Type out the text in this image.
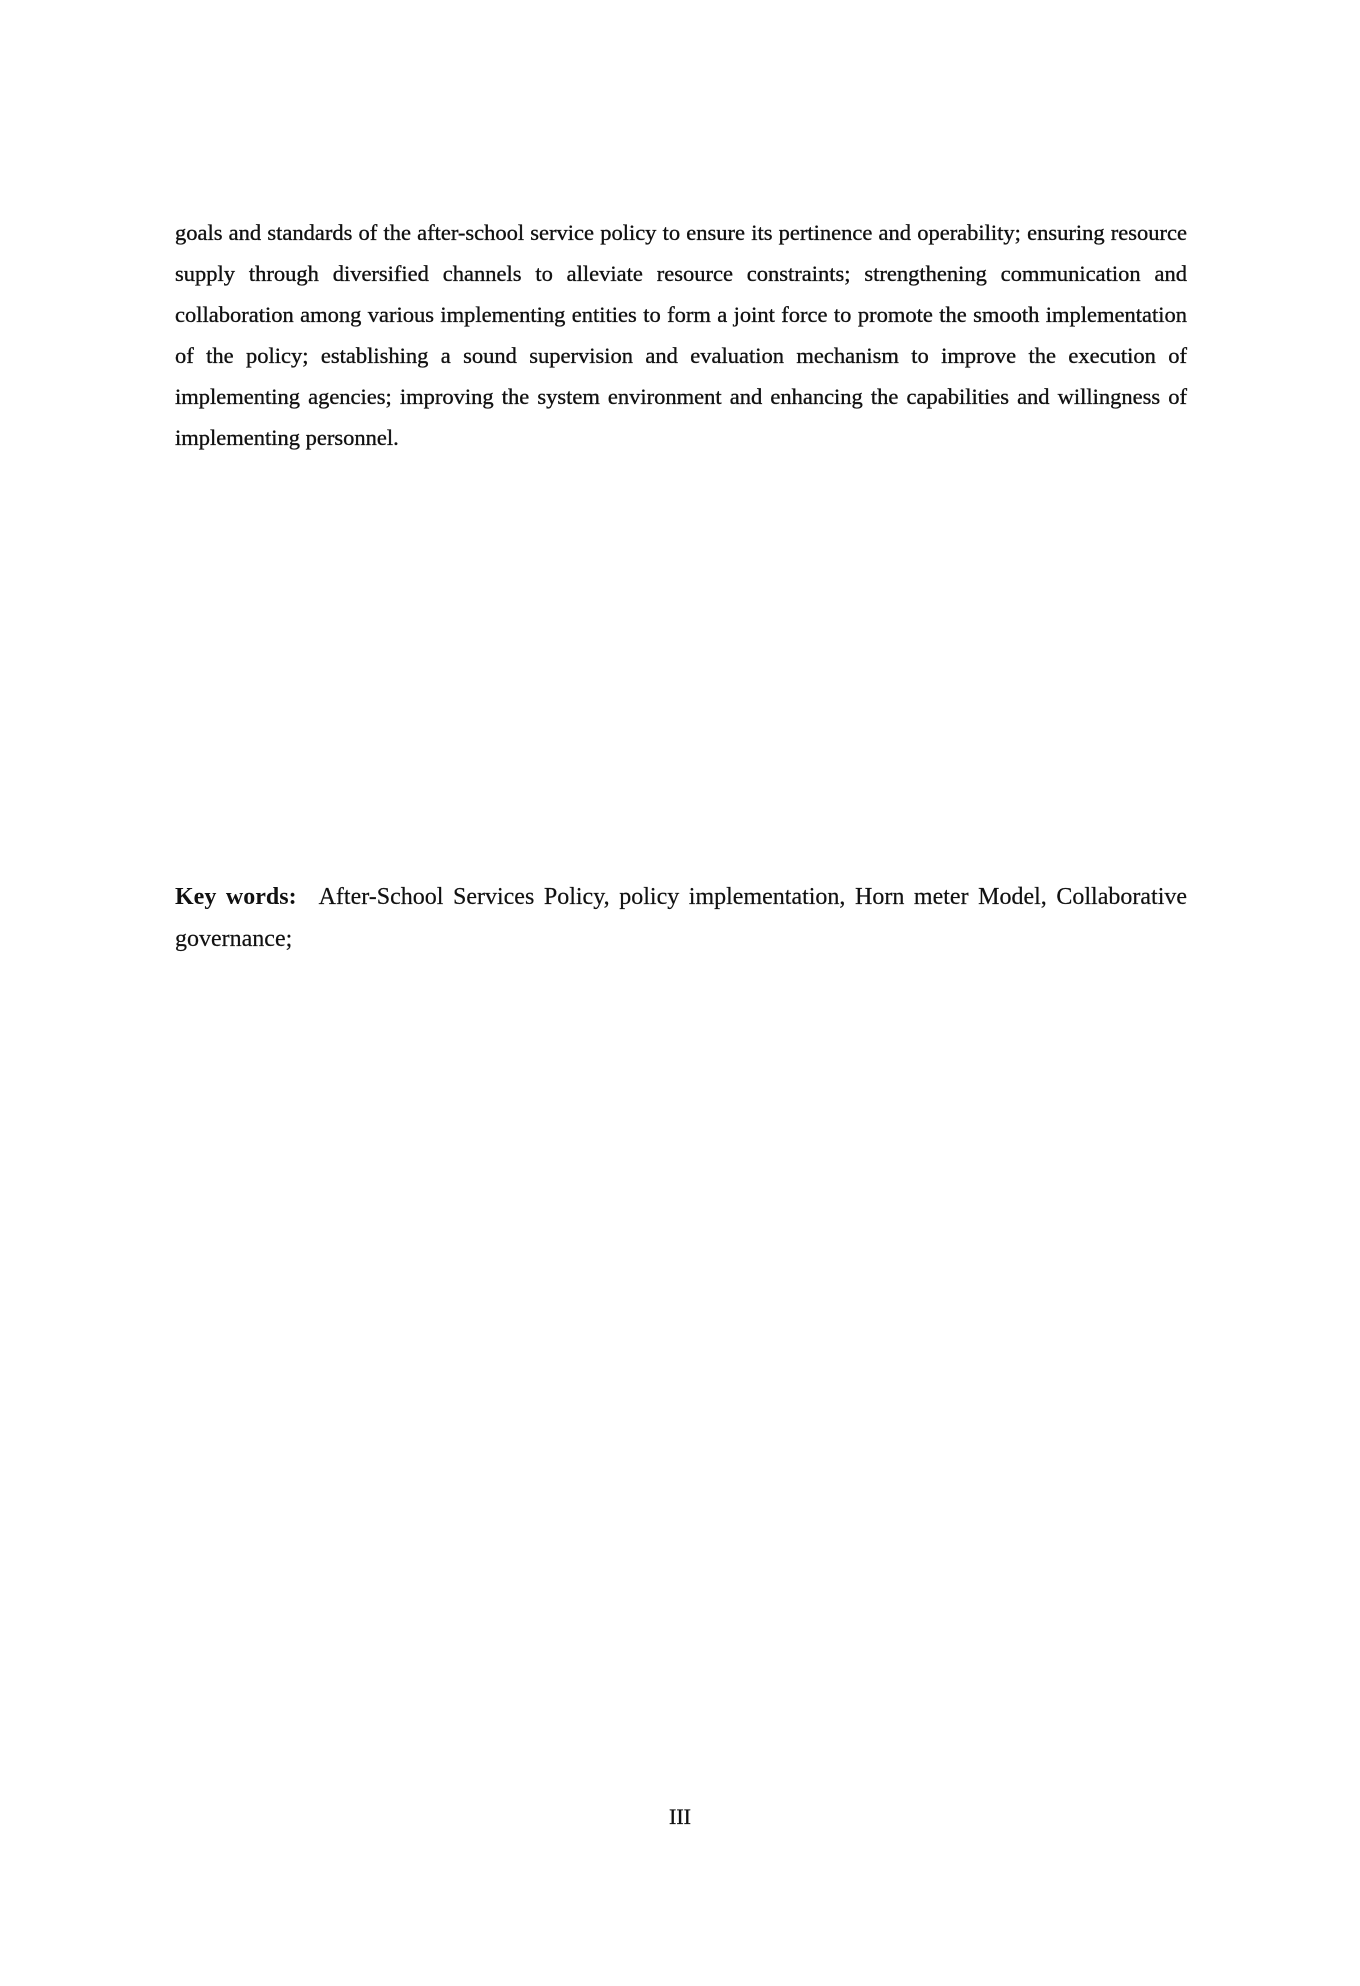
goals and standards of the after-school service policy to ensure its pertinence and operability; ensuring resource supply through diversified channels to alleviate resource constraints; strengthening communication and collaboration among various implementing entities to form a joint force to promote the smooth implementation of the policy; establishing a sound supervision and evaluation mechanism to improve the execution of implementing agencies; improving the system environment and enhancing the capabilities and willingness of implementing personnel.

Key words: After-School Services Policy, policy implementation, Horn meter Model, Collaborative governance;

III
